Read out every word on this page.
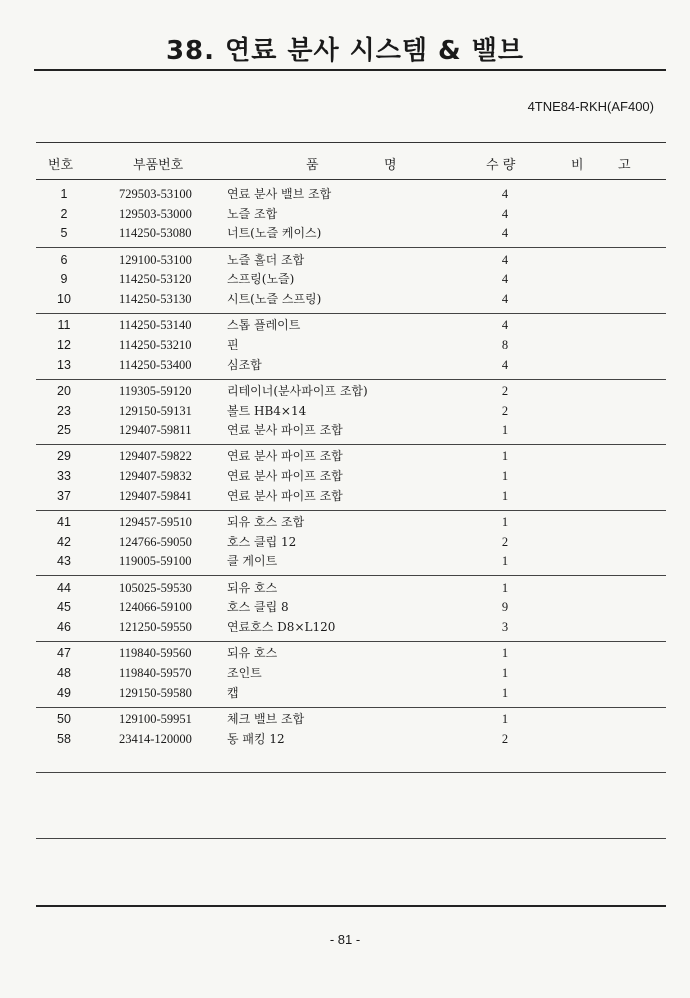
38. 연료 분사 시스템 & 밸브
4TNE84-RKH(AF400)
번호	부품번호	품	명	수 량	비	고
1	729503-53100	연료 분사 밸브 조합	4
2	129503-53000	노즐 조합	4
5	114250-53080	너트(노즐 케이스)	4
6	129100-53100	노즐 홀더 조합	4
9	114250-53120	스프링(노즐)	4
10	114250-53130	시트(노즐 스프링)	4
11	114250-53140	스톱 플레이트	4
12	114250-53210	핀	8
13	114250-53400	심조합	4
20	119305-59120	리테이너(분사파이프 조합)	2
23	129150-59131	볼트 HB4×14	2
25	129407-59811	연료 분사 파이프 조합	1
29	129407-59822	연료 분사 파이프 조합	1
33	129407-59832	연료 분사 파이프 조합	1
37	129407-59841	연료 분사 파이프 조합	1
41	129457-59510	되유 호스 조합	1
42	124766-59050	호스 클립 12	2
43	119005-59100	클 게이트	1
44	105025-59530	되유 호스	1
45	124066-59100	호스 클립 8	9
46	121250-59550	연료호스 D8×L120	3
47	119840-59560	되유 호스	1
48	119840-59570	조인트	1
49	129150-59580	캡	1
50	129100-59951	체크 밸브 조합	1
58	23414-120000	동 패킹 12	2
- 81 -
